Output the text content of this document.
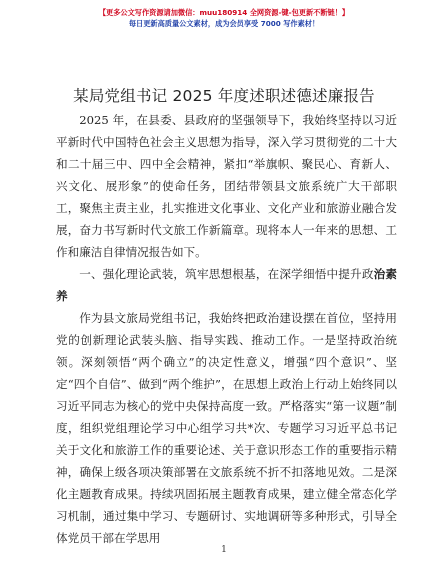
【更多公文写作资源请加微信：muu180914 全网资源-键-包更新不断链！】
每日更新高质量公文素材，成为会员享受 7000 写作素材！
某局党组书记 2025 年度述职述德述廉报告

2025 年，在县委、县政府的坚强领导下，我始终坚持以习近平新时代中国特色社会主义思想为指导，深入学习贯彻党的二十大和二十届三中、四中全会精神，紧扣“举旗帜、聚民心、育新人、兴文化、展形象”的使命任务，团结带领县文旅系统广大干部职工，聚焦主责主业，扎实推进文化事业、文化产业和旅游业融合发展，奋力书写新时代文旅工作新篇章。现将本人一年来的思想、工作和廉洁自律情况报告如下。

一、强化理论武装，筑牢思想根基，在深学细悟中提升政治素养

作为县文旅局党组书记，我始终把政治建设摆在首位，坚持用党的创新理论武装头脑、指导实践、推动工作。一是坚持政治统领。深刻领悟“两个确立”的决定性意义，增强“四个意识”、坚定“四个自信”、做到“两个维护”，在思想上政治上行动上始终同以习近平同志为核心的党中央保持高度一致。严格落实“第一议题”制度，组织党组理论学习中心组学习共*次、专题学习习近平总书记关于文化和旅游工作的重要论述、关于意识形态工作的重要指示精神，确保上级各项决策部署在文旅系统不折不扣落地见效。二是深化主题教育成果。持续巩固拓展主题教育成果，建立健全常态化学习机制，通过集中学习、专题研讨、实地调研等多种形式，引导全体党员干部在学思用

1
